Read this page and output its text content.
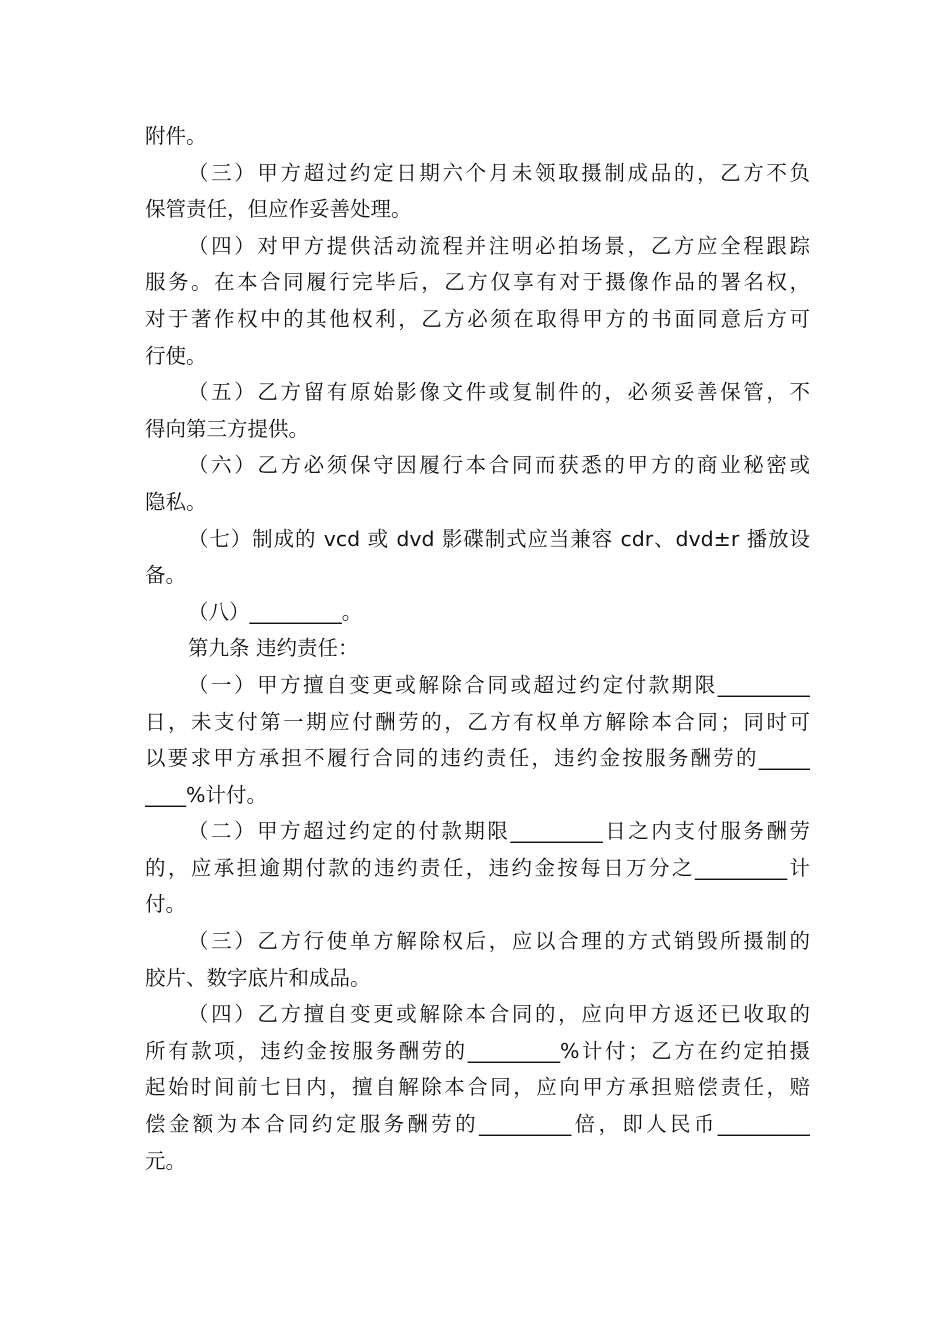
附件。
（三）甲方超过约定日期六个月未领取摄制成品的，乙方不负
保管责任，但应作妥善处理。
（四）对甲方提供活动流程并注明必拍场景，乙方应全程跟踪
服务。在本合同履行完毕后，乙方仅享有对于摄像作品的署名权，
对于著作权中的其他权利，乙方必须在取得甲方的书面同意后方可
行使。
（五）乙方留有原始影像文件或复制件的，必须妥善保管，不
得向第三方提供。
（六）乙方必须保守因履行本合同而获悉的甲方的商业秘密或
隐私。
（七）制成的 vcd 或 dvd 影碟制式应当兼容 cdr、dvd±r 播放设
备。
（八）_________。
第九条 违约责任：
（一）甲方擅自变更或解除合同或超过约定付款期限_________
日，未支付第一期应付酬劳的，乙方有权单方解除本合同；同时可
以要求甲方承担不履行合同的违约责任，违约金按服务酬劳的_____
____%计付。
（二）甲方超过约定的付款期限_________日之内支付服务酬劳
的，应承担逾期付款的违约责任，违约金按每日万分之_________计
付。
（三）乙方行使单方解除权后，应以合理的方式销毁所摄制的
胶片、数字底片和成品。
（四）乙方擅自变更或解除本合同的，应向甲方返还已收取的
所有款项，违约金按服务酬劳的_________%计付；乙方在约定拍摄
起始时间前七日内，擅自解除本合同，应向甲方承担赔偿责任，赔
偿金额为本合同约定服务酬劳的_________倍，即人民币_________
元。
